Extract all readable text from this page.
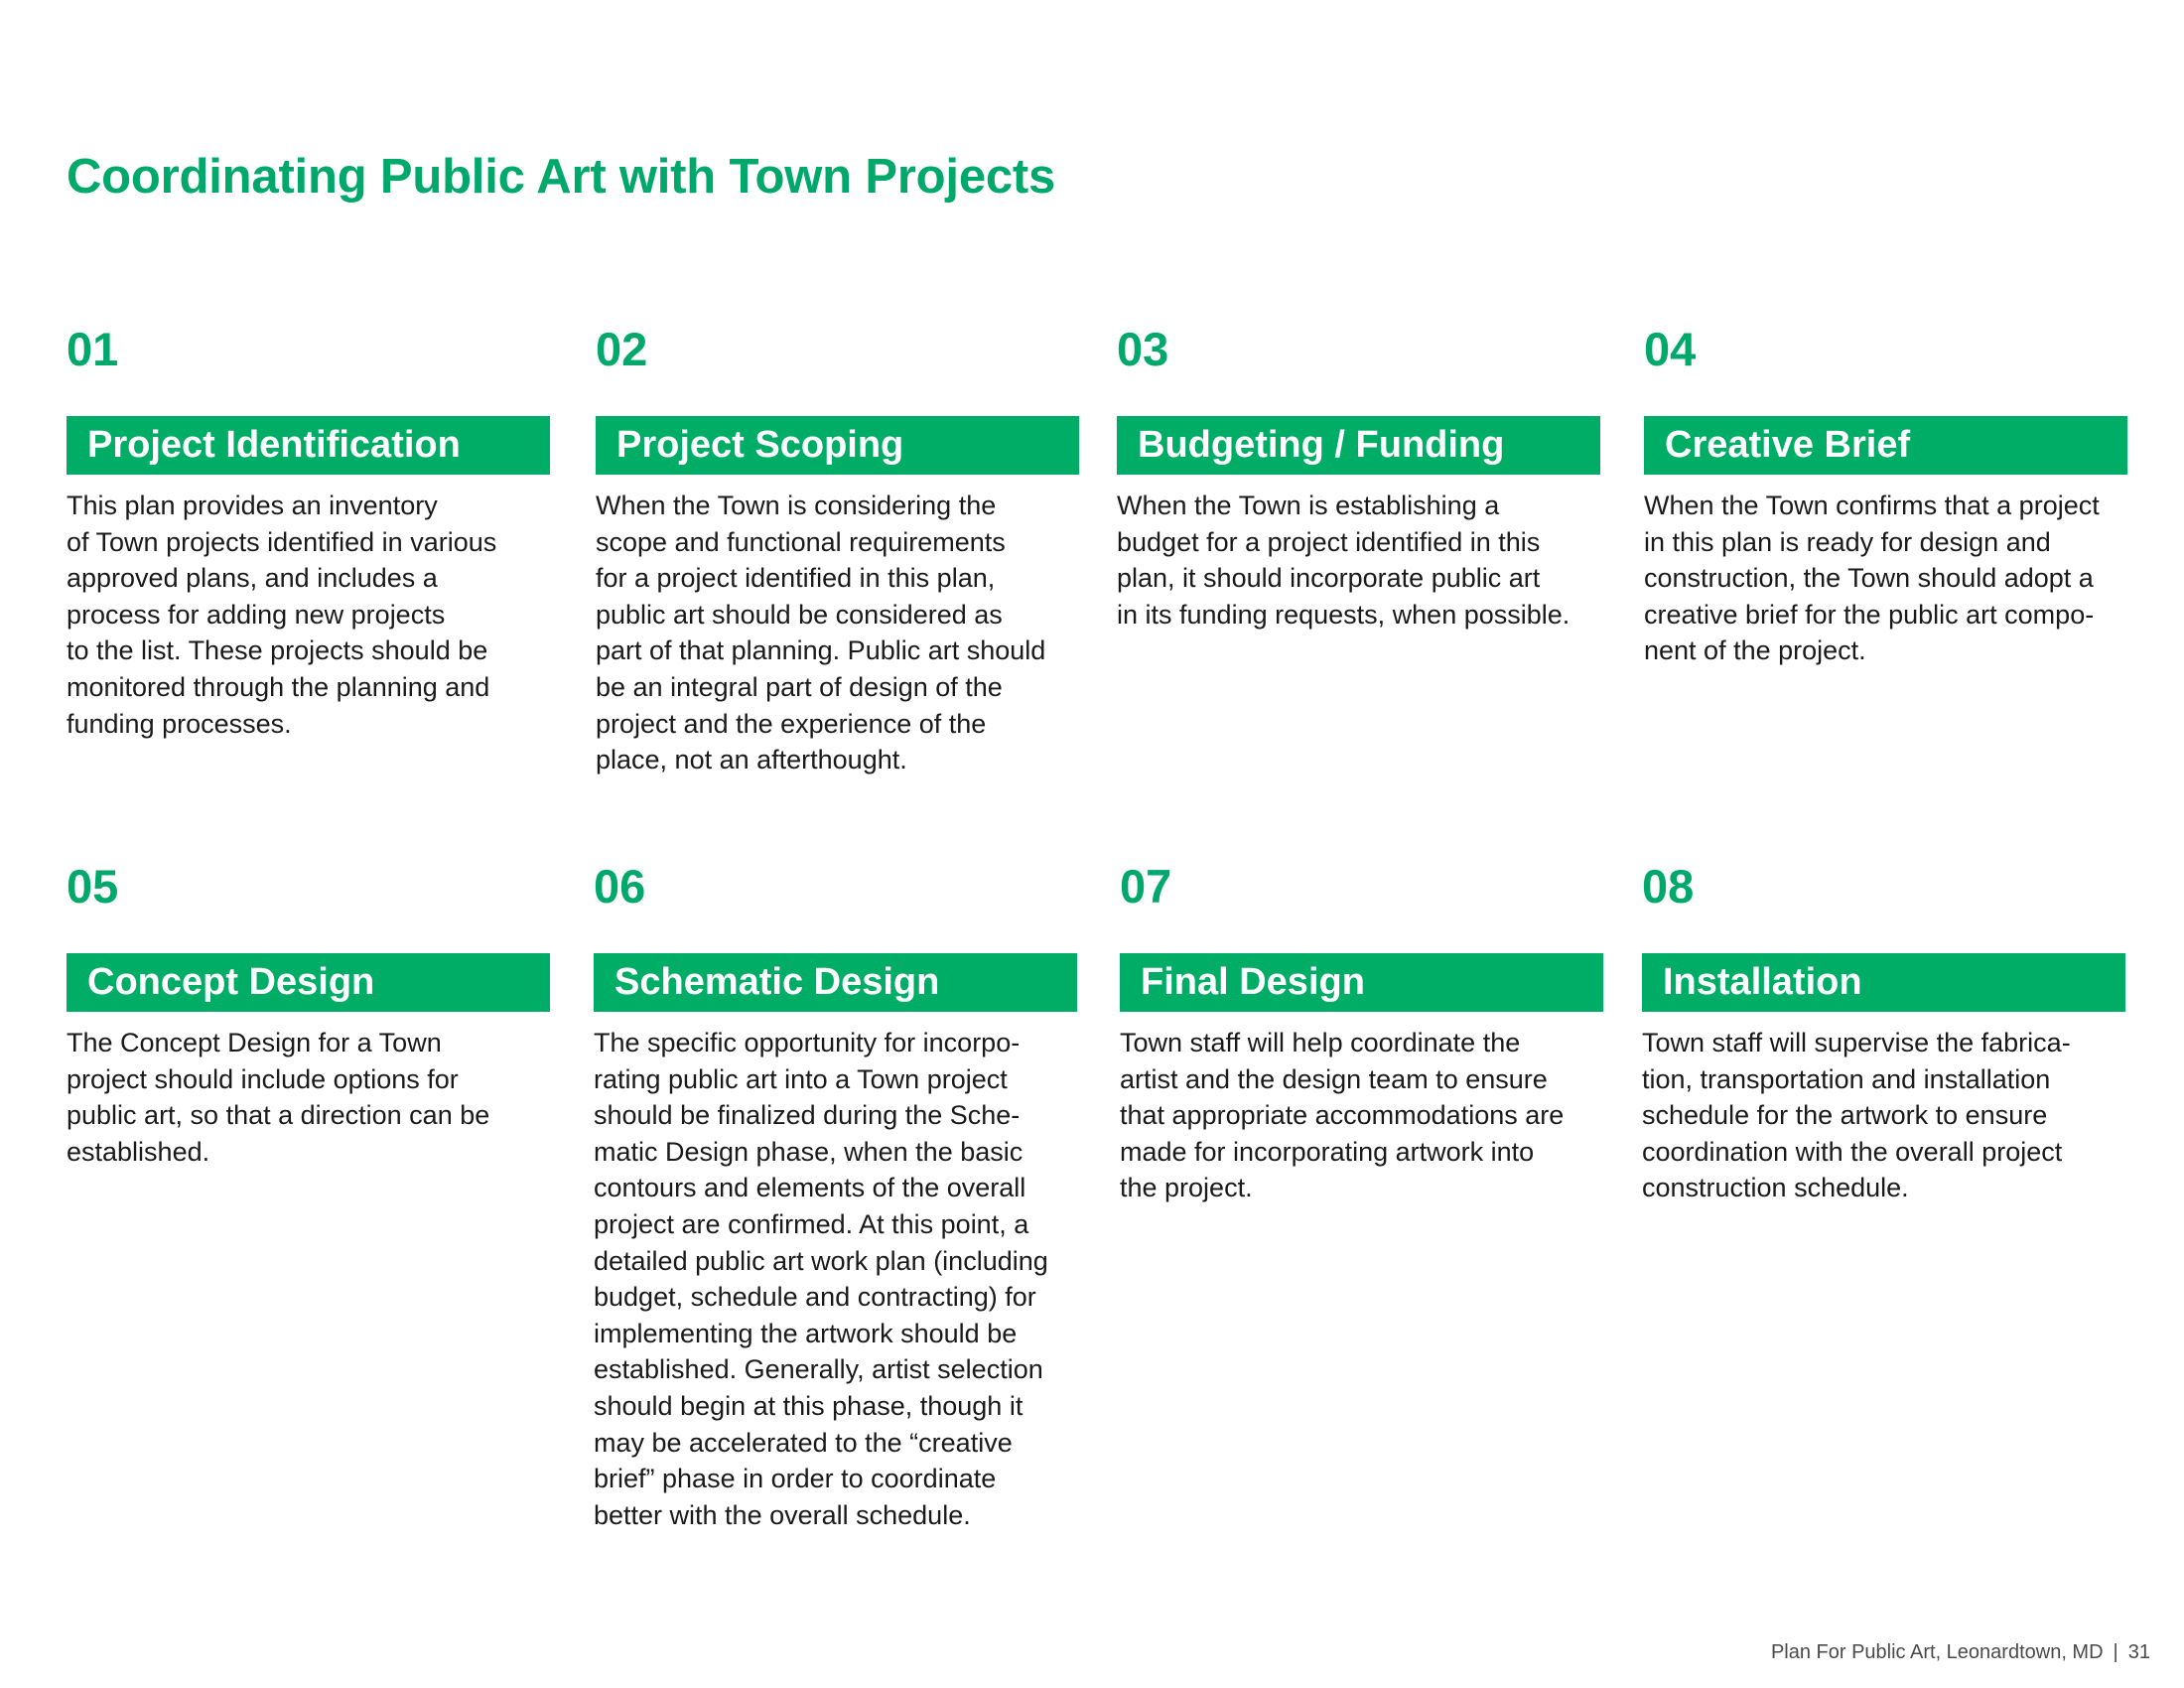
Coordinating Public Art with Town Projects
01
Project Identification

This plan provides an inventory
of Town projects identified in various
approved plans, and includes a
process for adding new projects
to the list. These projects should be
monitored through the planning and
funding processes.

02
Project Scoping

When the Town is considering the
scope and functional requirements
for a project identified in this plan,
public art should be considered as
part of that planning. Public art should
be an integral part of design of the
project and the experience of the
place, not an afterthought.

03
Budgeting / Funding

When the Town is establishing a
budget for a project identified in this
plan, it should incorporate public art
in its funding requests, when possible.

04
Creative Brief

When the Town confirms that a project
in this plan is ready for design and
construction, the Town should adopt a
creative brief for the public art compo-
nent of the project.

05
Concept Design

The Concept Design for a Town
project should include options for
public art, so that a direction can be
established.

06
Schematic Design

The specific opportunity for incorpo-
rating public art into a Town project
should be finalized during the Sche-
matic Design phase, when the basic
contours and elements of the overall
project are confirmed. At this point, a
detailed public art work plan (including
budget, schedule and contracting) for
implementing the artwork should be
established. Generally, artist selection
should begin at this phase, though it
may be accelerated to the “creative
brief” phase in order to coordinate
better with the overall schedule.

07
Final Design

Town staff will help coordinate the
artist and the design team to ensure
that appropriate accommodations are
made for incorporating artwork into
the project.

08
Installation

Town staff will supervise the fabrica-
tion, transportation and installation
schedule for the artwork to ensure
coordination with the overall project
construction schedule.

Plan For Public Art, Leonardtown, MD | 31
